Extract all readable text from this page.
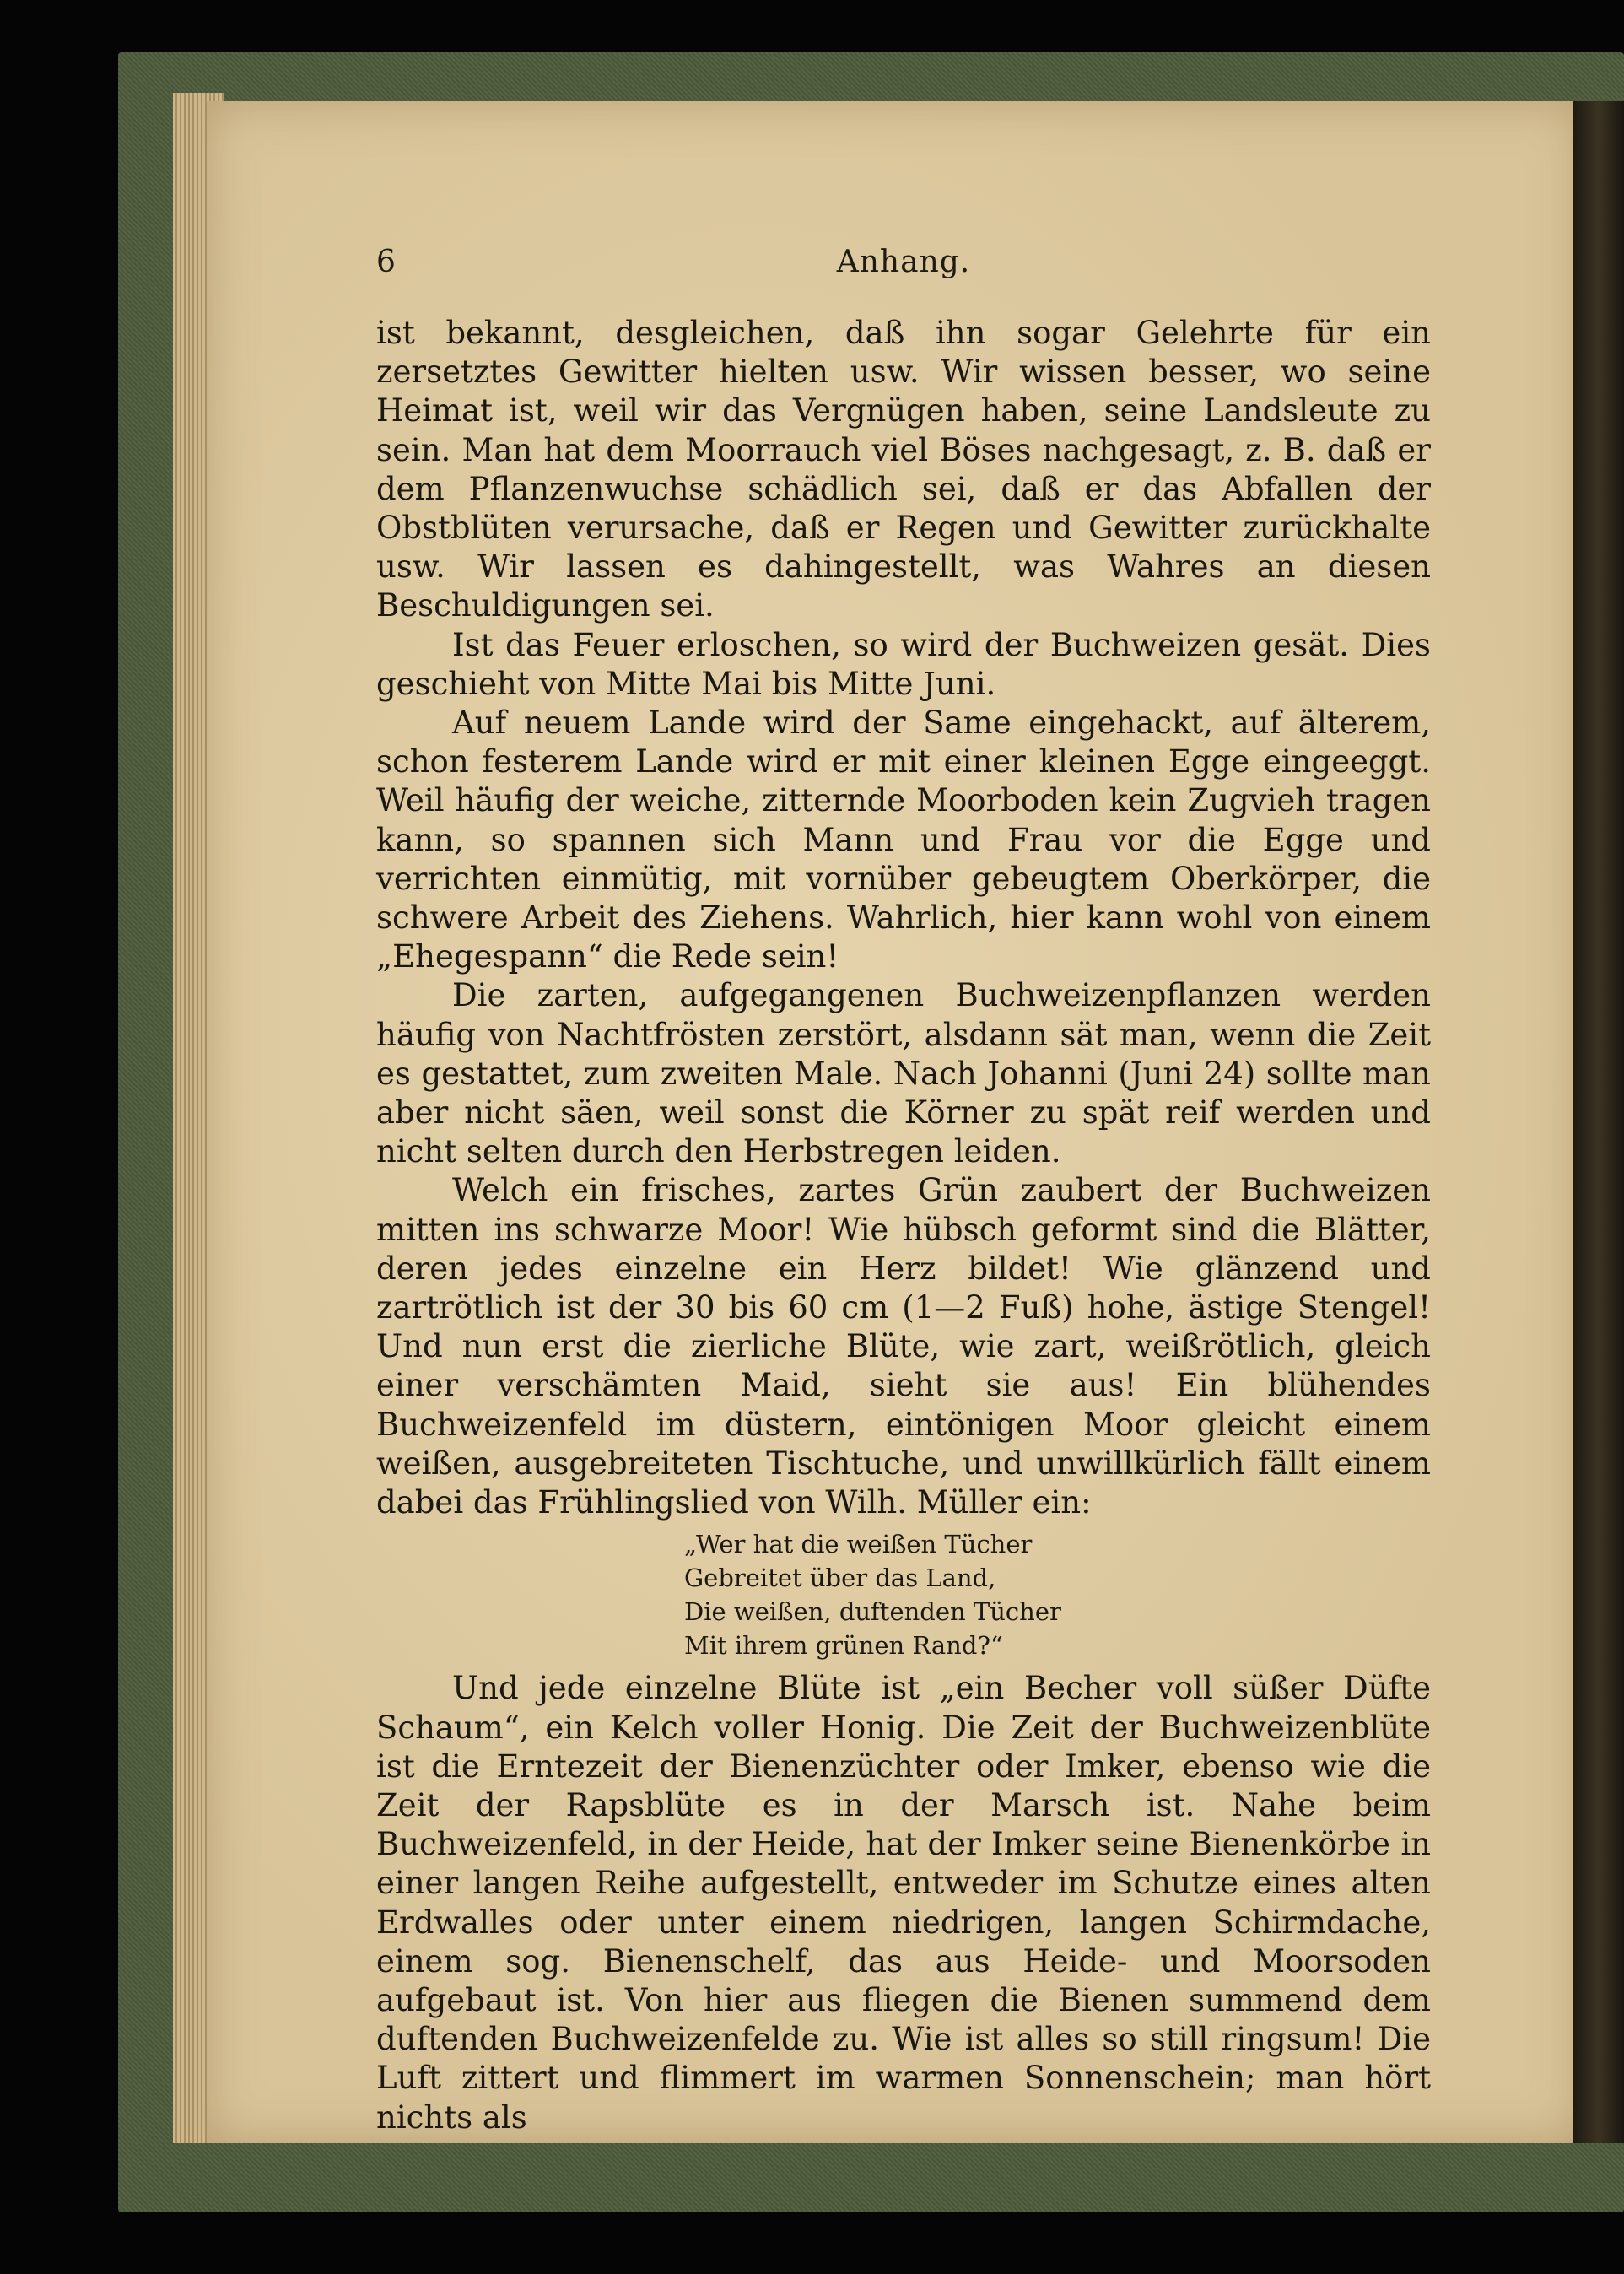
6	Anhang.

ist bekannt, desgleichen, daß ihn sogar Gelehrte für ein zersetztes Gewitter hielten usw. Wir wissen besser, wo seine Heimat ist, weil wir das Vergnügen haben, seine Landsleute zu sein. Man hat dem Moorrauch viel Böses nachgesagt, z. B. daß er dem Pflanzenwuchse schädlich sei, daß er das Abfallen der Obstblüten verursache, daß er Regen und Gewitter zurückhalte usw. Wir lassen es dahingestellt, was Wahres an diesen Beschuldigungen sei.

Ist das Feuer erloschen, so wird der Buchweizen gesät. Dies geschieht von Mitte Mai bis Mitte Juni.

Auf neuem Lande wird der Same eingehackt, auf älterem, schon festerem Lande wird er mit einer kleinen Egge eingeeggt. Weil häufig der weiche, zitternde Moorboden kein Zugvieh tragen kann, so spannen sich Mann und Frau vor die Egge und verrichten einmütig, mit vornüber gebeugtem Oberkörper, die schwere Arbeit des Ziehens. Wahrlich, hier kann wohl von einem „Ehegespann“ die Rede sein!

Die zarten, aufgegangenen Buchweizenpflanzen werden häufig von Nachtfrösten zerstört, alsdann sät man, wenn die Zeit es gestattet, zum zweiten Male. Nach Johanni (Juni 24) sollte man aber nicht säen, weil sonst die Körner zu spät reif werden und nicht selten durch den Herbstregen leiden.

Welch ein frisches, zartes Grün zaubert der Buchweizen mitten ins schwarze Moor! Wie hübsch geformt sind die Blätter, deren jedes einzelne ein Herz bildet! Wie glänzend und zartrötlich ist der 30 bis 60 cm (1—2 Fuß) hohe, ästige Stengel! Und nun erst die zierliche Blüte, wie zart, weißrötlich, gleich einer verschämten Maid, sieht sie aus! Ein blühendes Buchweizenfeld im düstern, eintönigen Moor gleicht einem weißen, ausgebreiteten Tischtuche, und unwillkürlich fällt einem dabei das Frühlingslied von Wilh. Müller ein:

„Wer hat die weißen Tücher
Gebreitet über das Land,
Die weißen, duftenden Tücher
Mit ihrem grünen Rand?“

Und jede einzelne Blüte ist „ein Becher voll süßer Düfte Schaum“, ein Kelch voller Honig. Die Zeit der Buchweizenblüte ist die Erntezeit der Bienenzüchter oder Imker, ebenso wie die Zeit der Rapsblüte es in der Marsch ist. Nahe beim Buchweizenfeld, in der Heide, hat der Imker seine Bienenkörbe in einer langen Reihe aufgestellt, entweder im Schutze eines alten Erdwalles oder unter einem niedrigen, langen Schirmdache, einem sog. Bienenschelf, das aus Heide- und Moorsoden aufgebaut ist. Von hier aus fliegen die Bienen summend dem duftenden Buchweizenfelde zu. Wie ist alles so still ringsum! Die Luft zittert und flimmert im warmen Sonnenschein; man hört nichts als
